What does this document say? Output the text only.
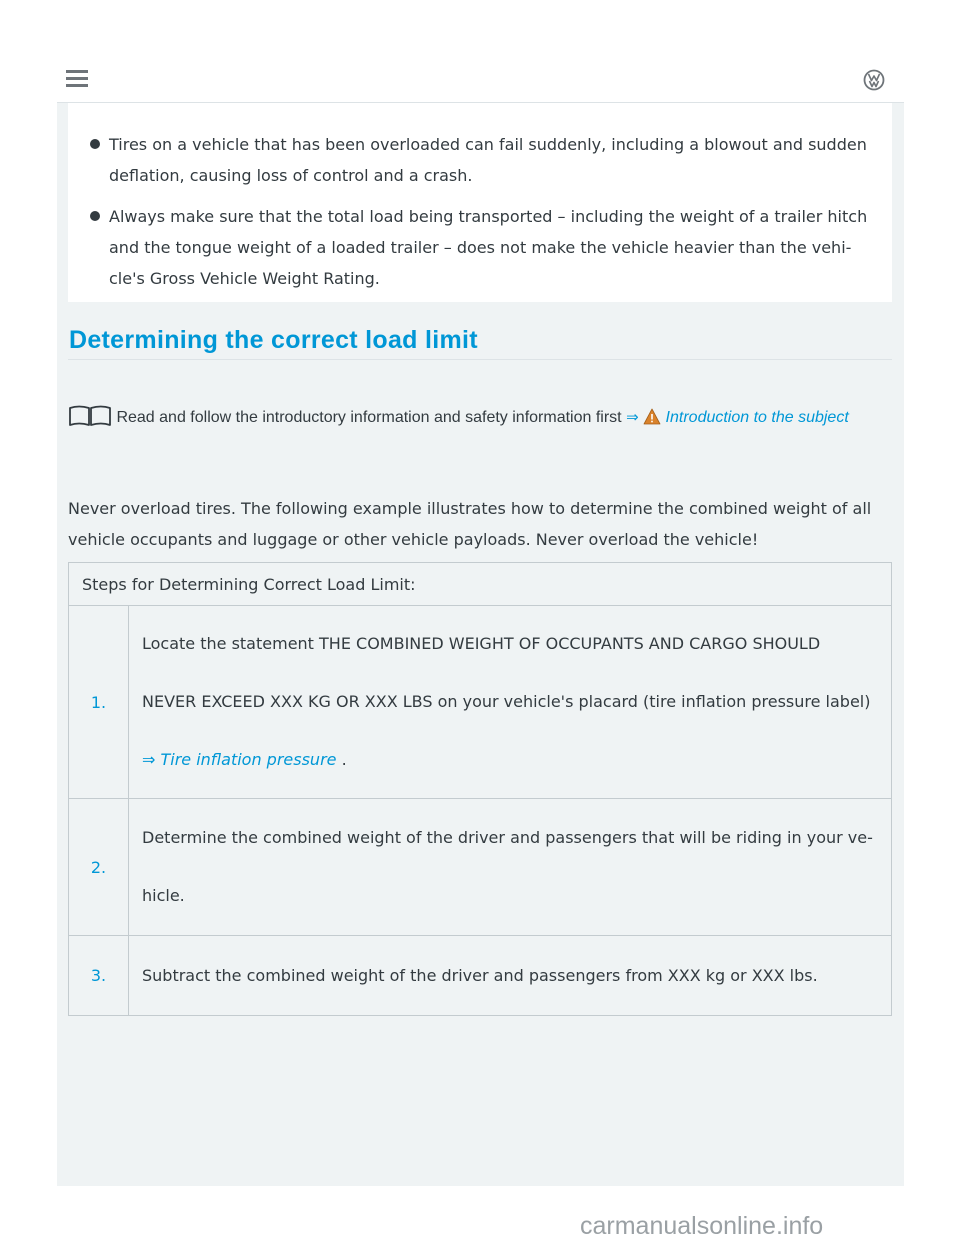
Tires on a vehicle that has been overloaded can fail suddenly, including a blowout and sudden deflation, causing loss of control and a crash.
Always make sure that the total load being transported – including the weight of a trailer hitch and the tongue weight of a loaded trailer – does not make the vehicle heavier than the vehi-cle's Gross Vehicle Weight Rating.
Determining the correct load limit
Read and follow the introductory information and safety information first ⇒ Introduction to the subject
Never overload tires. The following example illustrates how to determine the combined weight of all vehicle occupants and luggage or other vehicle payloads. Never overload the vehicle!
Steps for Determining Correct Load Limit:	
1.	Locate the statement THE COMBINED WEIGHT OF OCCUPANTS AND CARGO SHOULD NEVER EXCEED XXX KG OR XXX LBS on your vehicle's placard (tire inflation pressure label)
⇒ Tire inflation pressure .
2.	Determine the combined weight of the driver and passengers that will be riding in your ve-hicle.
3.	Subtract the combined weight of the driver and passengers from XXX kg or XXX lbs.
carmanualsonline.info
